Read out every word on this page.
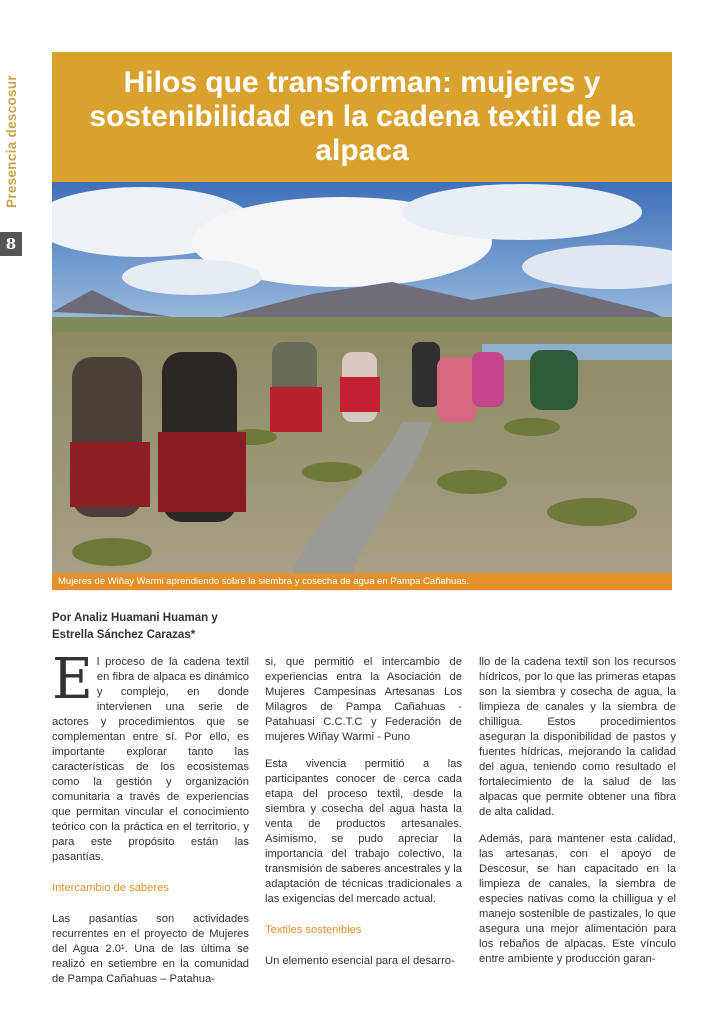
Presencia descosur
8
Hilos que transforman: mujeres y sostenibilidad en la cadena textil de la alpaca
Mujeres de Wiñay Warmi aprendiendo sobre la siembra y cosecha de agua en Pampa Cañahuas.
Por Analiz Huamani Huaman y
Estrella Sánchez Carazas*

El proceso de la cadena textil en fibra de alpaca es dinámico y complejo, en donde intervienen una serie de actores y procedimientos que se complementan entre sí. Por ello, es importante explorar tanto las características de los ecosistemas como la gestión y organización comunitaria a través de experiencias que permitan vincular el conocimiento teórico con la práctica en el territorio, y para este propósito están las pasantías.

Intercambio de saberes

Las pasantías son actividades recurrentes en el proyecto de Mujeres del Agua 2.0¹. Una de las última se realizó en setiembre en la comunidad de Pampa Cañahuas – Patahua-

si, que permitió el intercambio de experiencias entra la Asociación de Mujeres Campesinas Artesanas Los Milagros de Pampa Cañahuas - Patahuasi C.C.T.C y Federación de mujeres Wiñay Warmi - Puno

Esta vivencia permitió a las participantes conocer de cerca cada etapa del proceso textil, desde la siembra y cosecha del agua hasta la venta de productos artesanales. Asimismo, se pudo apreciar la importancia del trabajo colectivo, la transmisión de saberes ancestrales y la adaptación de técnicas tradicionales a las exigencias del mercado actual.

Textiles sostenibles

Un elemento esencial para el desarro-

llo de la cadena textil son los recursos hídricos, por lo que las primeras etapas son la siembra y cosecha de agua, la limpieza de canales y la siembra de chilligua. Estos procedimientos aseguran la disponibilidad de pastos y fuentes hídricas, mejorando la calidad del agua, teniendo como resultado el fortalecimiento de la salud de las alpacas que permite obtener una fibra de alta calidad.

Además, para mantener esta calidad, las artesanas, con el apoyo de Descosur, se han capacitado en la limpieza de canales, la siembra de especies nativas como la chilligua y el manejo sostenible de pastizales, lo que asegura una mejor alimentación para los rebaños de alpacas. Este vínculo entre ambiente y producción garan-
